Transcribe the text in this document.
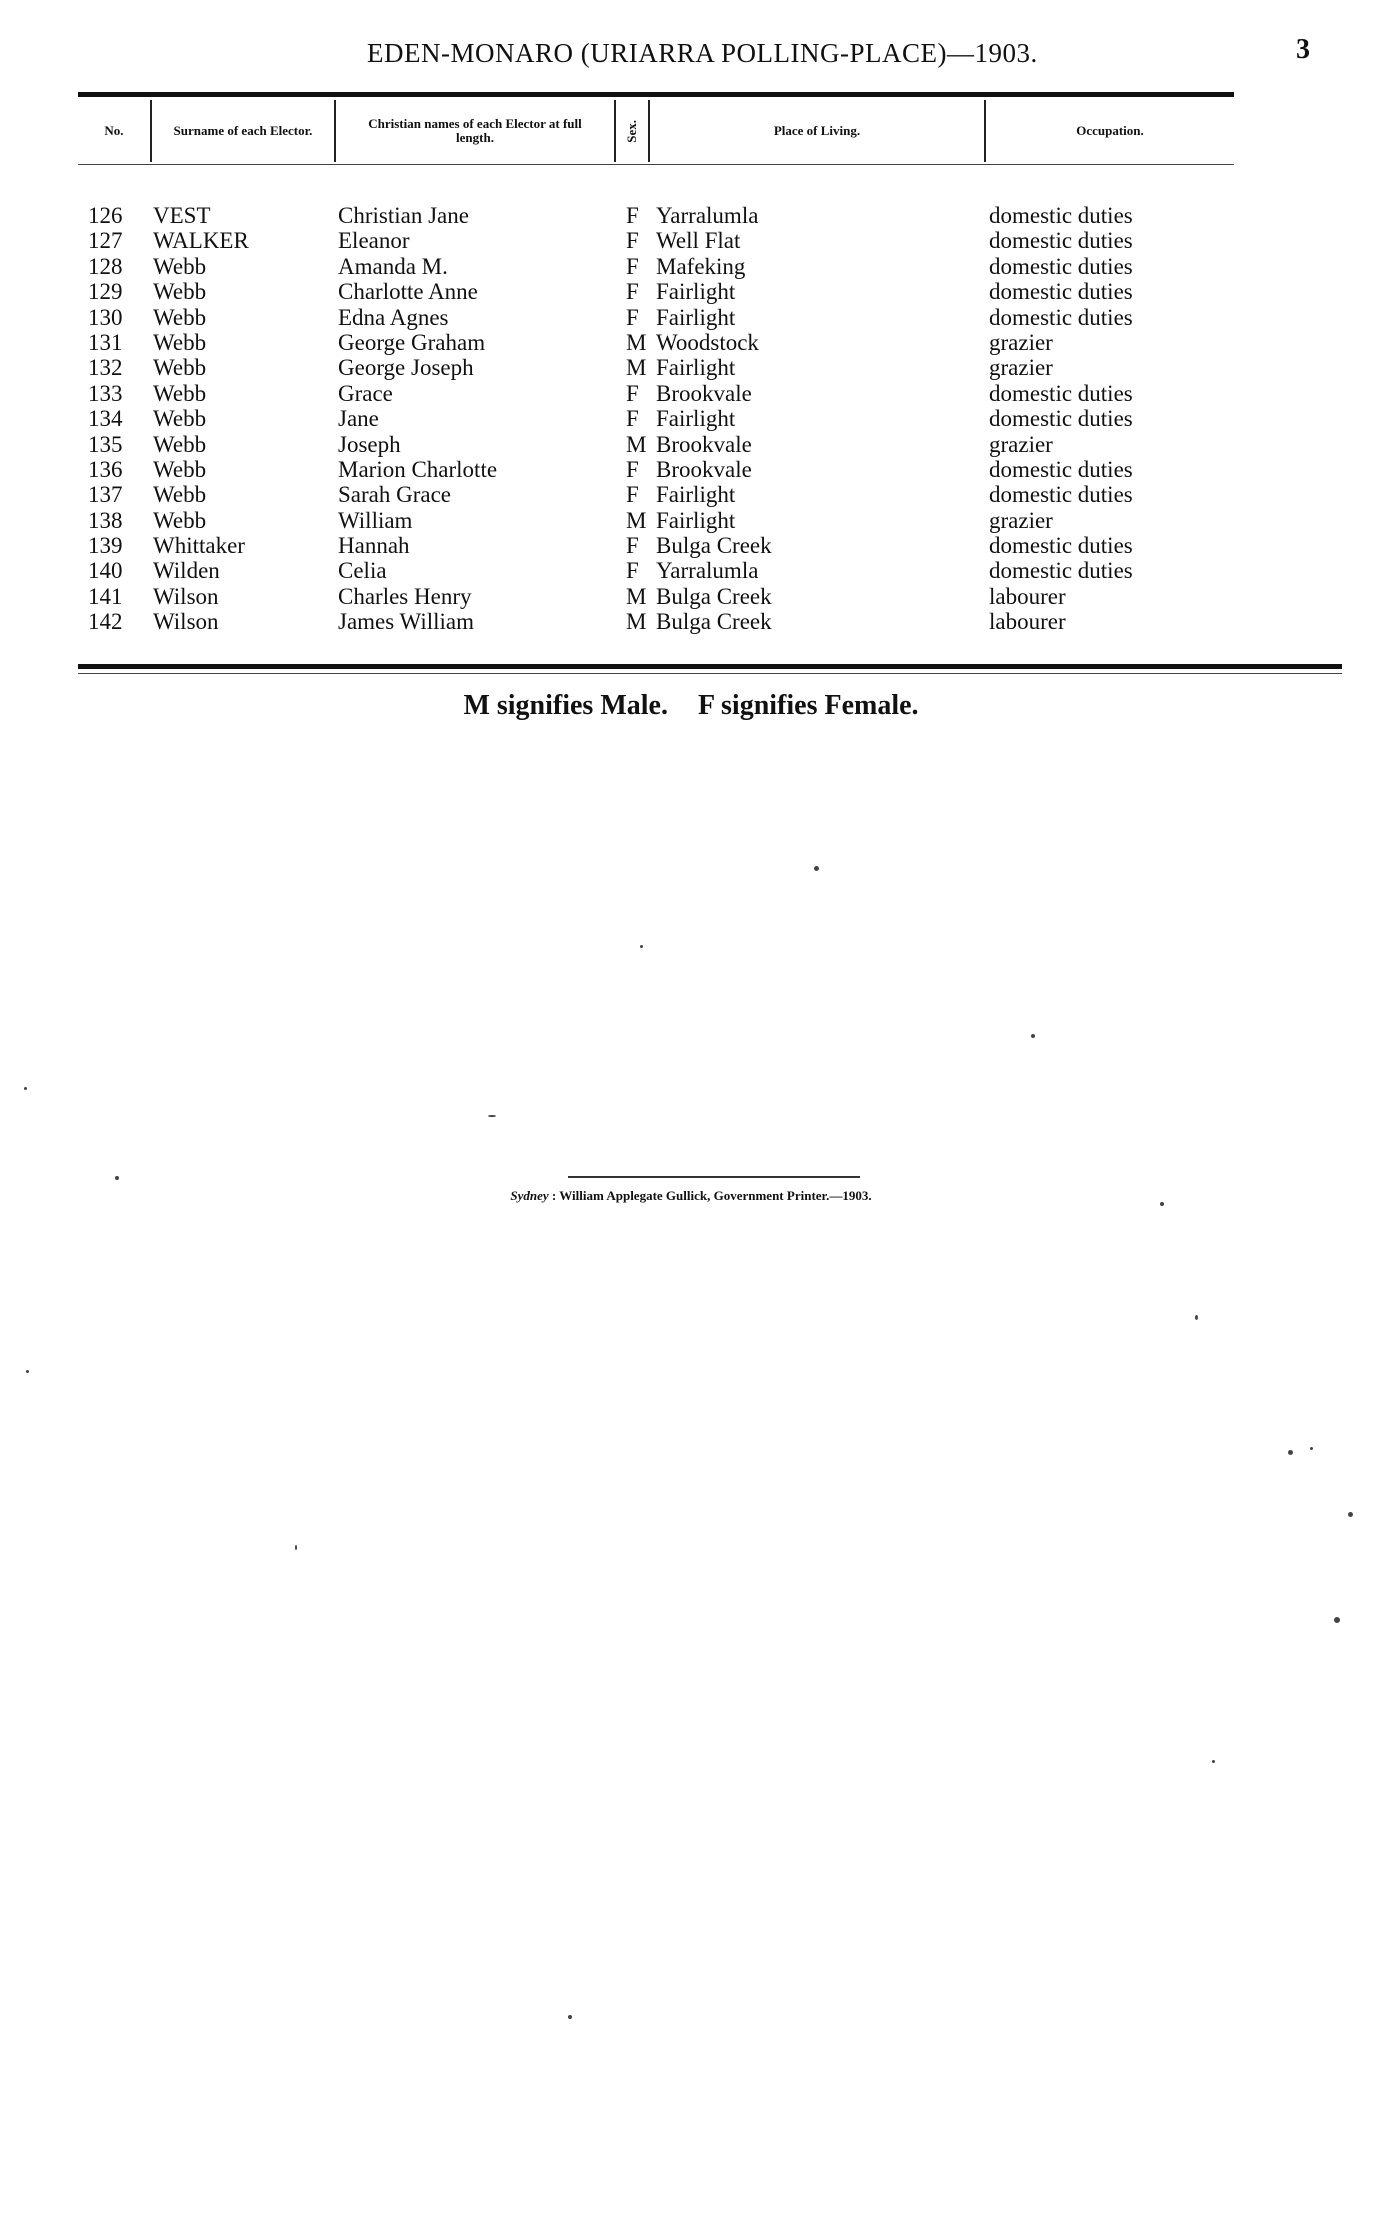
EDEN-MONARO (URIARRA POLLING-PLACE)—1903.	3
No.	Surname of each Elector.	Christian names of each Elector at full length.	Sex.	Place of Living.	Occupation.
126 VEST	Christian Jane	F Yarralumla	domestic duties
127 WALKER	Eleanor	F Well Flat	domestic duties
128 Webb	Amanda M.	F Mafeking	domestic duties
129 Webb	Charlotte Anne	F Fairlight	domestic duties
130 Webb	Edna Agnes	F Fairlight	domestic duties
131 Webb	George Graham	M Woodstock	grazier
132 Webb	George Joseph	M Fairlight	grazier
133 Webb	Grace	F Brookvale	domestic duties
134 Webb	Jane	F Fairlight	domestic duties
135 Webb	Joseph	M Brookvale	grazier
136 Webb	Marion Charlotte	F Brookvale	domestic duties
137 Webb	Sarah Grace	F Fairlight	domestic duties
138 Webb	William	M Fairlight	grazier
139 Whittaker	Hannah	F Bulga Creek	domestic duties
140 Wilden	Celia	F Yarralumla	domestic duties
141 Wilson	Charles Henry	M Bulga Creek	labourer
142 Wilson	James William	M Bulga Creek	labourer
M signifies Male. F signifies Female.
Sydney : William Applegate Gullick, Government Printer.—1903.
